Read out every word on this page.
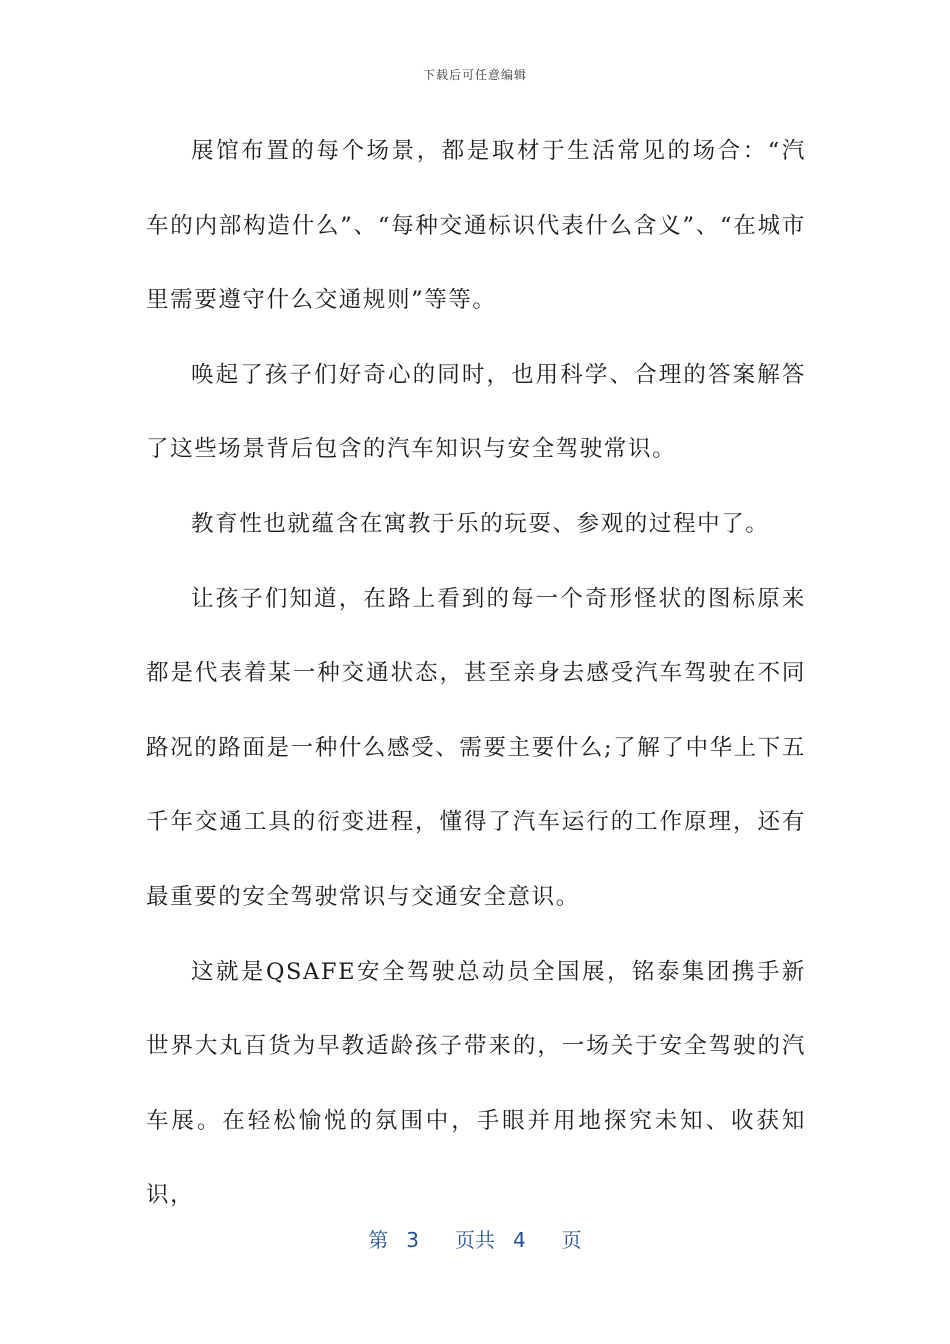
下载后可任意编辑

展馆布置的每个场景，都是取材于生活常见的场合：“汽车的内部构造什么”、“每种交通标识代表什么含义”、“在城市里需要遵守什么交通规则”等等。

唤起了孩子们好奇心的同时，也用科学、合理的答案解答了这些场景背后包含的汽车知识与安全驾驶常识。

教育性也就蕴含在寓教于乐的玩耍、参观的过程中了。

让孩子们知道，在路上看到的每一个奇形怪状的图标原来都是代表着某一种交通状态，甚至亲身去感受汽车驾驶在不同路况的路面是一种什么感受、需要主要什么;了解了中华上下五千年交通工具的衍变进程，懂得了汽车运行的工作原理，还有最重要的安全驾驶常识与交通安全意识。

这就是QSAFE安全驾驶总动员全国展，铭泰集团携手新世界大丸百货为早教适龄孩子带来的，一场关于安全驾驶的汽车展。在轻松愉悦的氛围中，手眼并用地探究未知、收获知识，

第 3 页共 4 页
